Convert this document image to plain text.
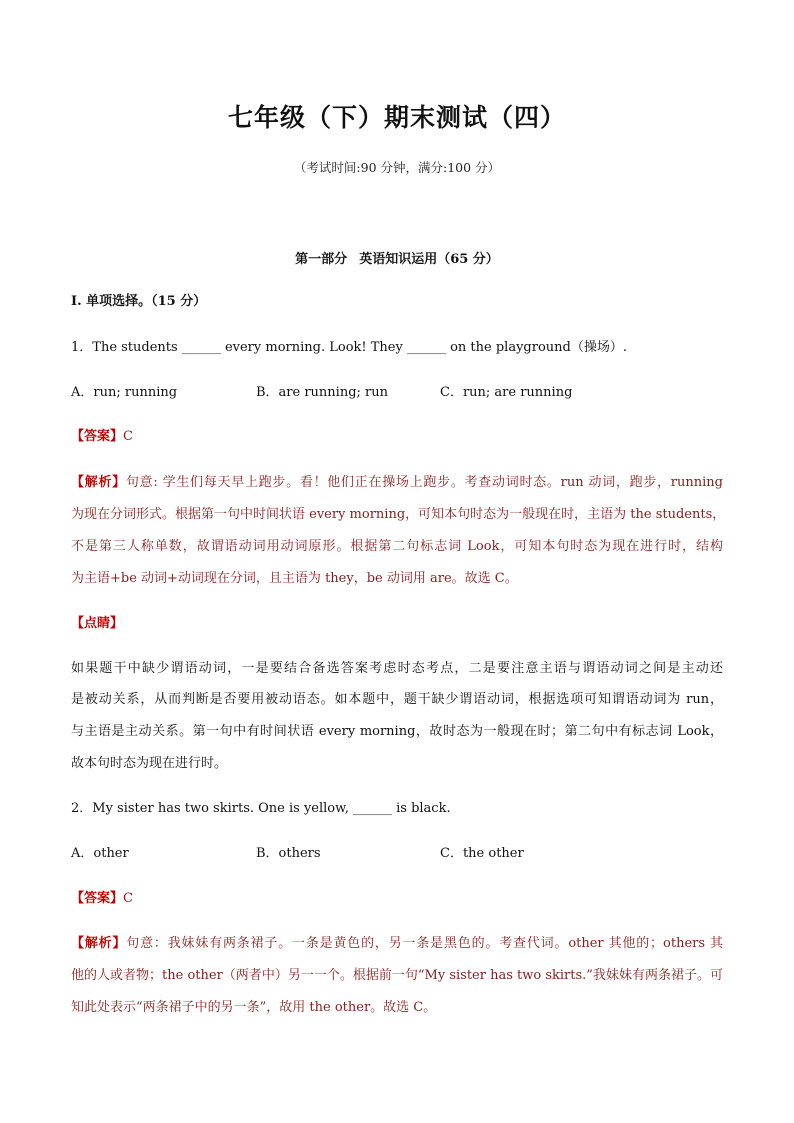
七年级（下）期末测试（四）
（考试时间:90 分钟，满分:100 分）
第一部分 英语知识运用（65 分）
Ⅰ. 单项选择。（15 分）
1．The students ______ every morning. Look! They ______ on the playground（操场）.
A．run; running	B．are running; run	C．run; are running
【答案】C
【解析】句意: 学生们每天早上跑步。看！他们正在操场上跑步。考查动词时态。run 动词，跑步，running
为现在分词形式。根据第一句中时间状语 every morning，可知本句时态为一般现在时，主语为 the students，
不是第三人称单数，故谓语动词用动词原形。根据第二句标志词 Look，可知本句时态为现在进行时，结构
为主语+be 动词+动词现在分词，且主语为 they，be 动词用 are。故选 C。
【点睛】
如果题干中缺少谓语动词，一是要结合备选答案考虑时态考点，二是要注意主语与谓语动词之间是主动还
是被动关系，从而判断是否要用被动语态。如本题中，题干缺少谓语动词，根据选项可知谓语动词为 run，
与主语是主动关系。第一句中有时间状语 every morning，故时态为一般现在时；第二句中有标志词 Look，
故本句时态为现在进行时。
2．My sister has two skirts. One is yellow, ______ is black.
A．other	B．others	C．the other
【答案】C
【解析】句意：我妹妹有两条裙子。一条是黄色的，另一条是黑色的。考查代词。other 其他的；others 其
他的人或者物；the other（两者中）另一一个。根据前一句“My sister has two skirts.”我妹妹有两条裙子。可
知此处表示“两条裙子中的另一条”，故用 the other。故选 C。
